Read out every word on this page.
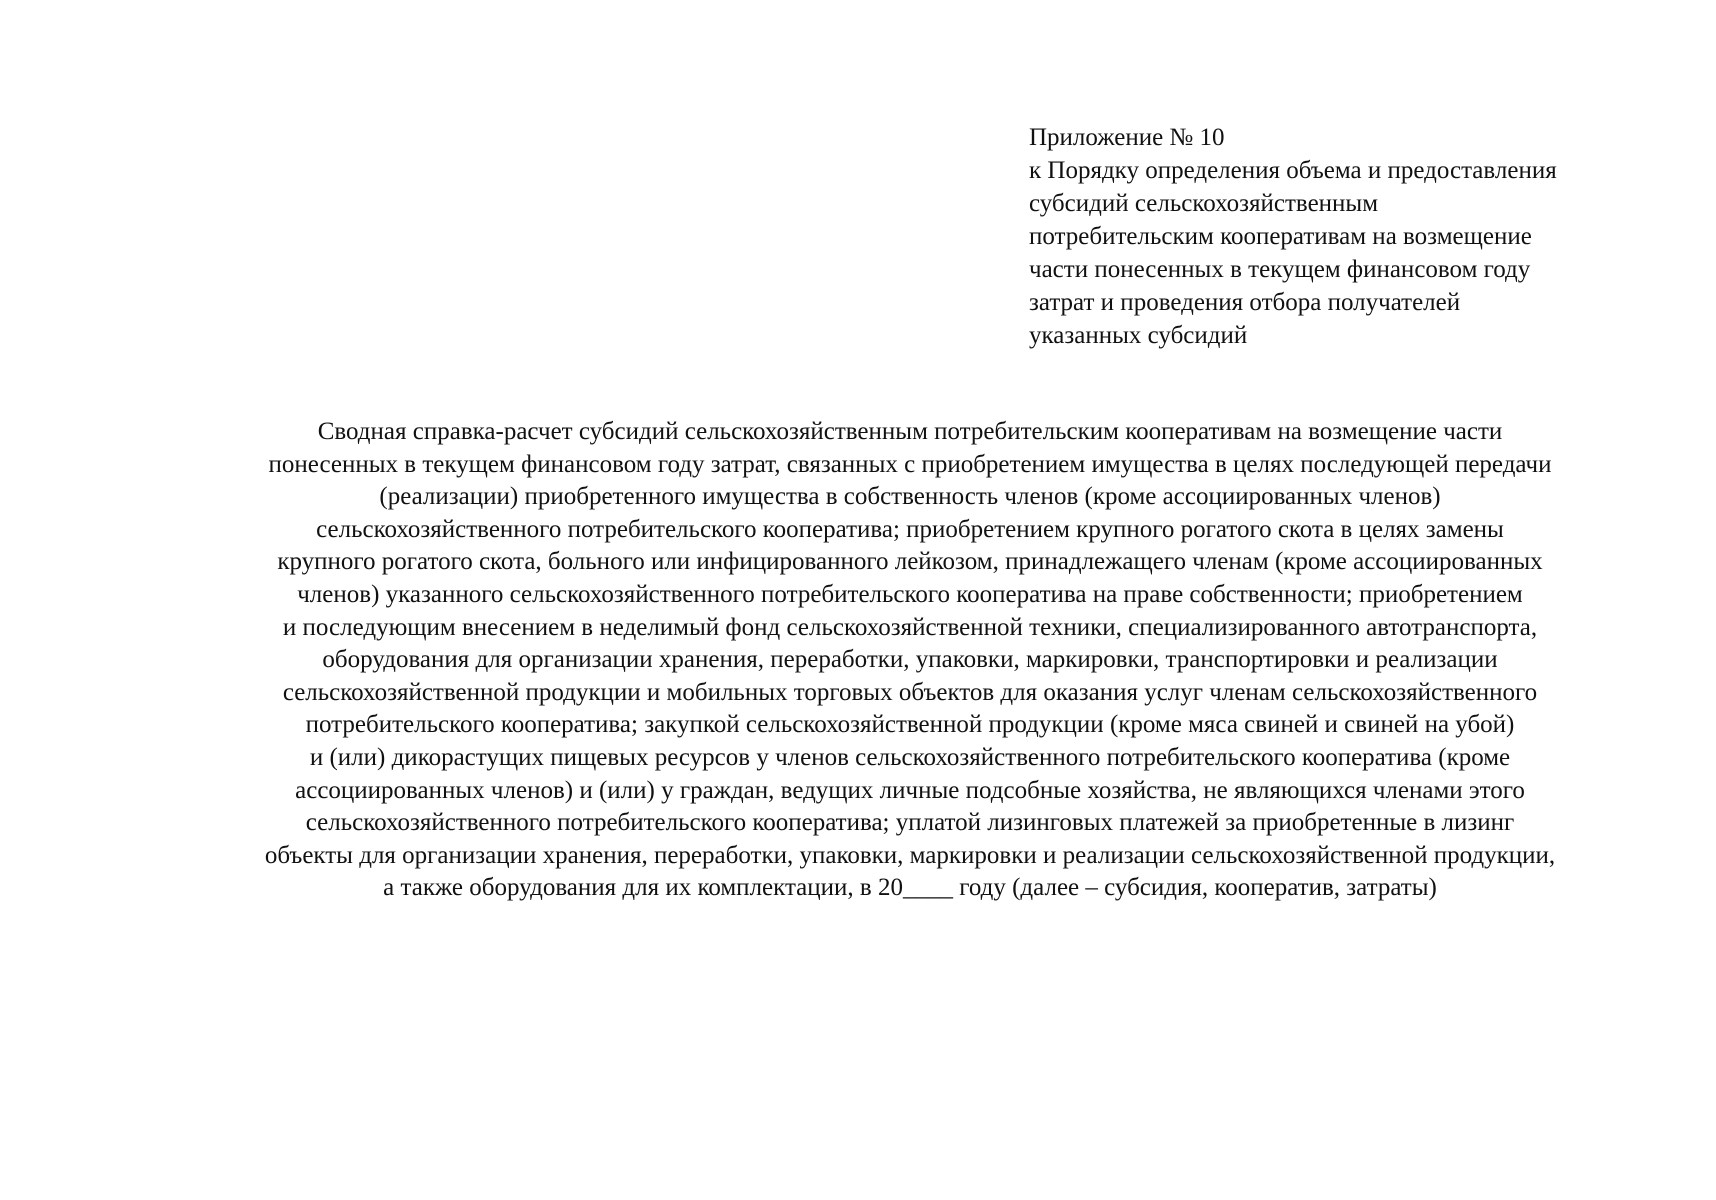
Приложение № 10
к Порядку определения объема и предоставления
субсидий сельскохозяйственным
потребительским кооперативам на возмещение
части понесенных в текущем финансовом году
затрат и проведения отбора получателей
указанных субсидий
Сводная справка-расчет субсидий сельскохозяйственным потребительским кооперативам на возмещение части
понесенных в текущем финансовом году затрат, связанных с приобретением имущества в целях последующей передачи
(реализации) приобретенного имущества в собственность членов (кроме ассоциированных членов)
сельскохозяйственного потребительского кооператива; приобретением крупного рогатого скота в целях замены
крупного рогатого скота, больного или инфицированного лейкозом, принадлежащего членам (кроме ассоциированных
членов) указанного сельскохозяйственного потребительского кооператива на праве собственности; приобретением
и последующим внесением в неделимый фонд сельскохозяйственной техники, специализированного автотранспорта,
оборудования для организации хранения, переработки, упаковки, маркировки, транспортировки и реализации
сельскохозяйственной продукции и мобильных торговых объектов для оказания услуг членам сельскохозяйственного
потребительского кооператива; закупкой сельскохозяйственной продукции (кроме мяса свиней и свиней на убой)
и (или) дикорастущих пищевых ресурсов у членов сельскохозяйственного потребительского кооператива (кроме
ассоциированных членов) и (или) у граждан, ведущих личные подсобные хозяйства, не являющихся членами этого
сельскохозяйственного потребительского кооператива; уплатой лизинговых платежей за приобретенные в лизинг
объекты для организации хранения, переработки, упаковки, маркировки и реализации сельскохозяйственной продукции,
а также оборудования для их комплектации, в 20____ году (далее – субсидия, кооператив, затраты)
